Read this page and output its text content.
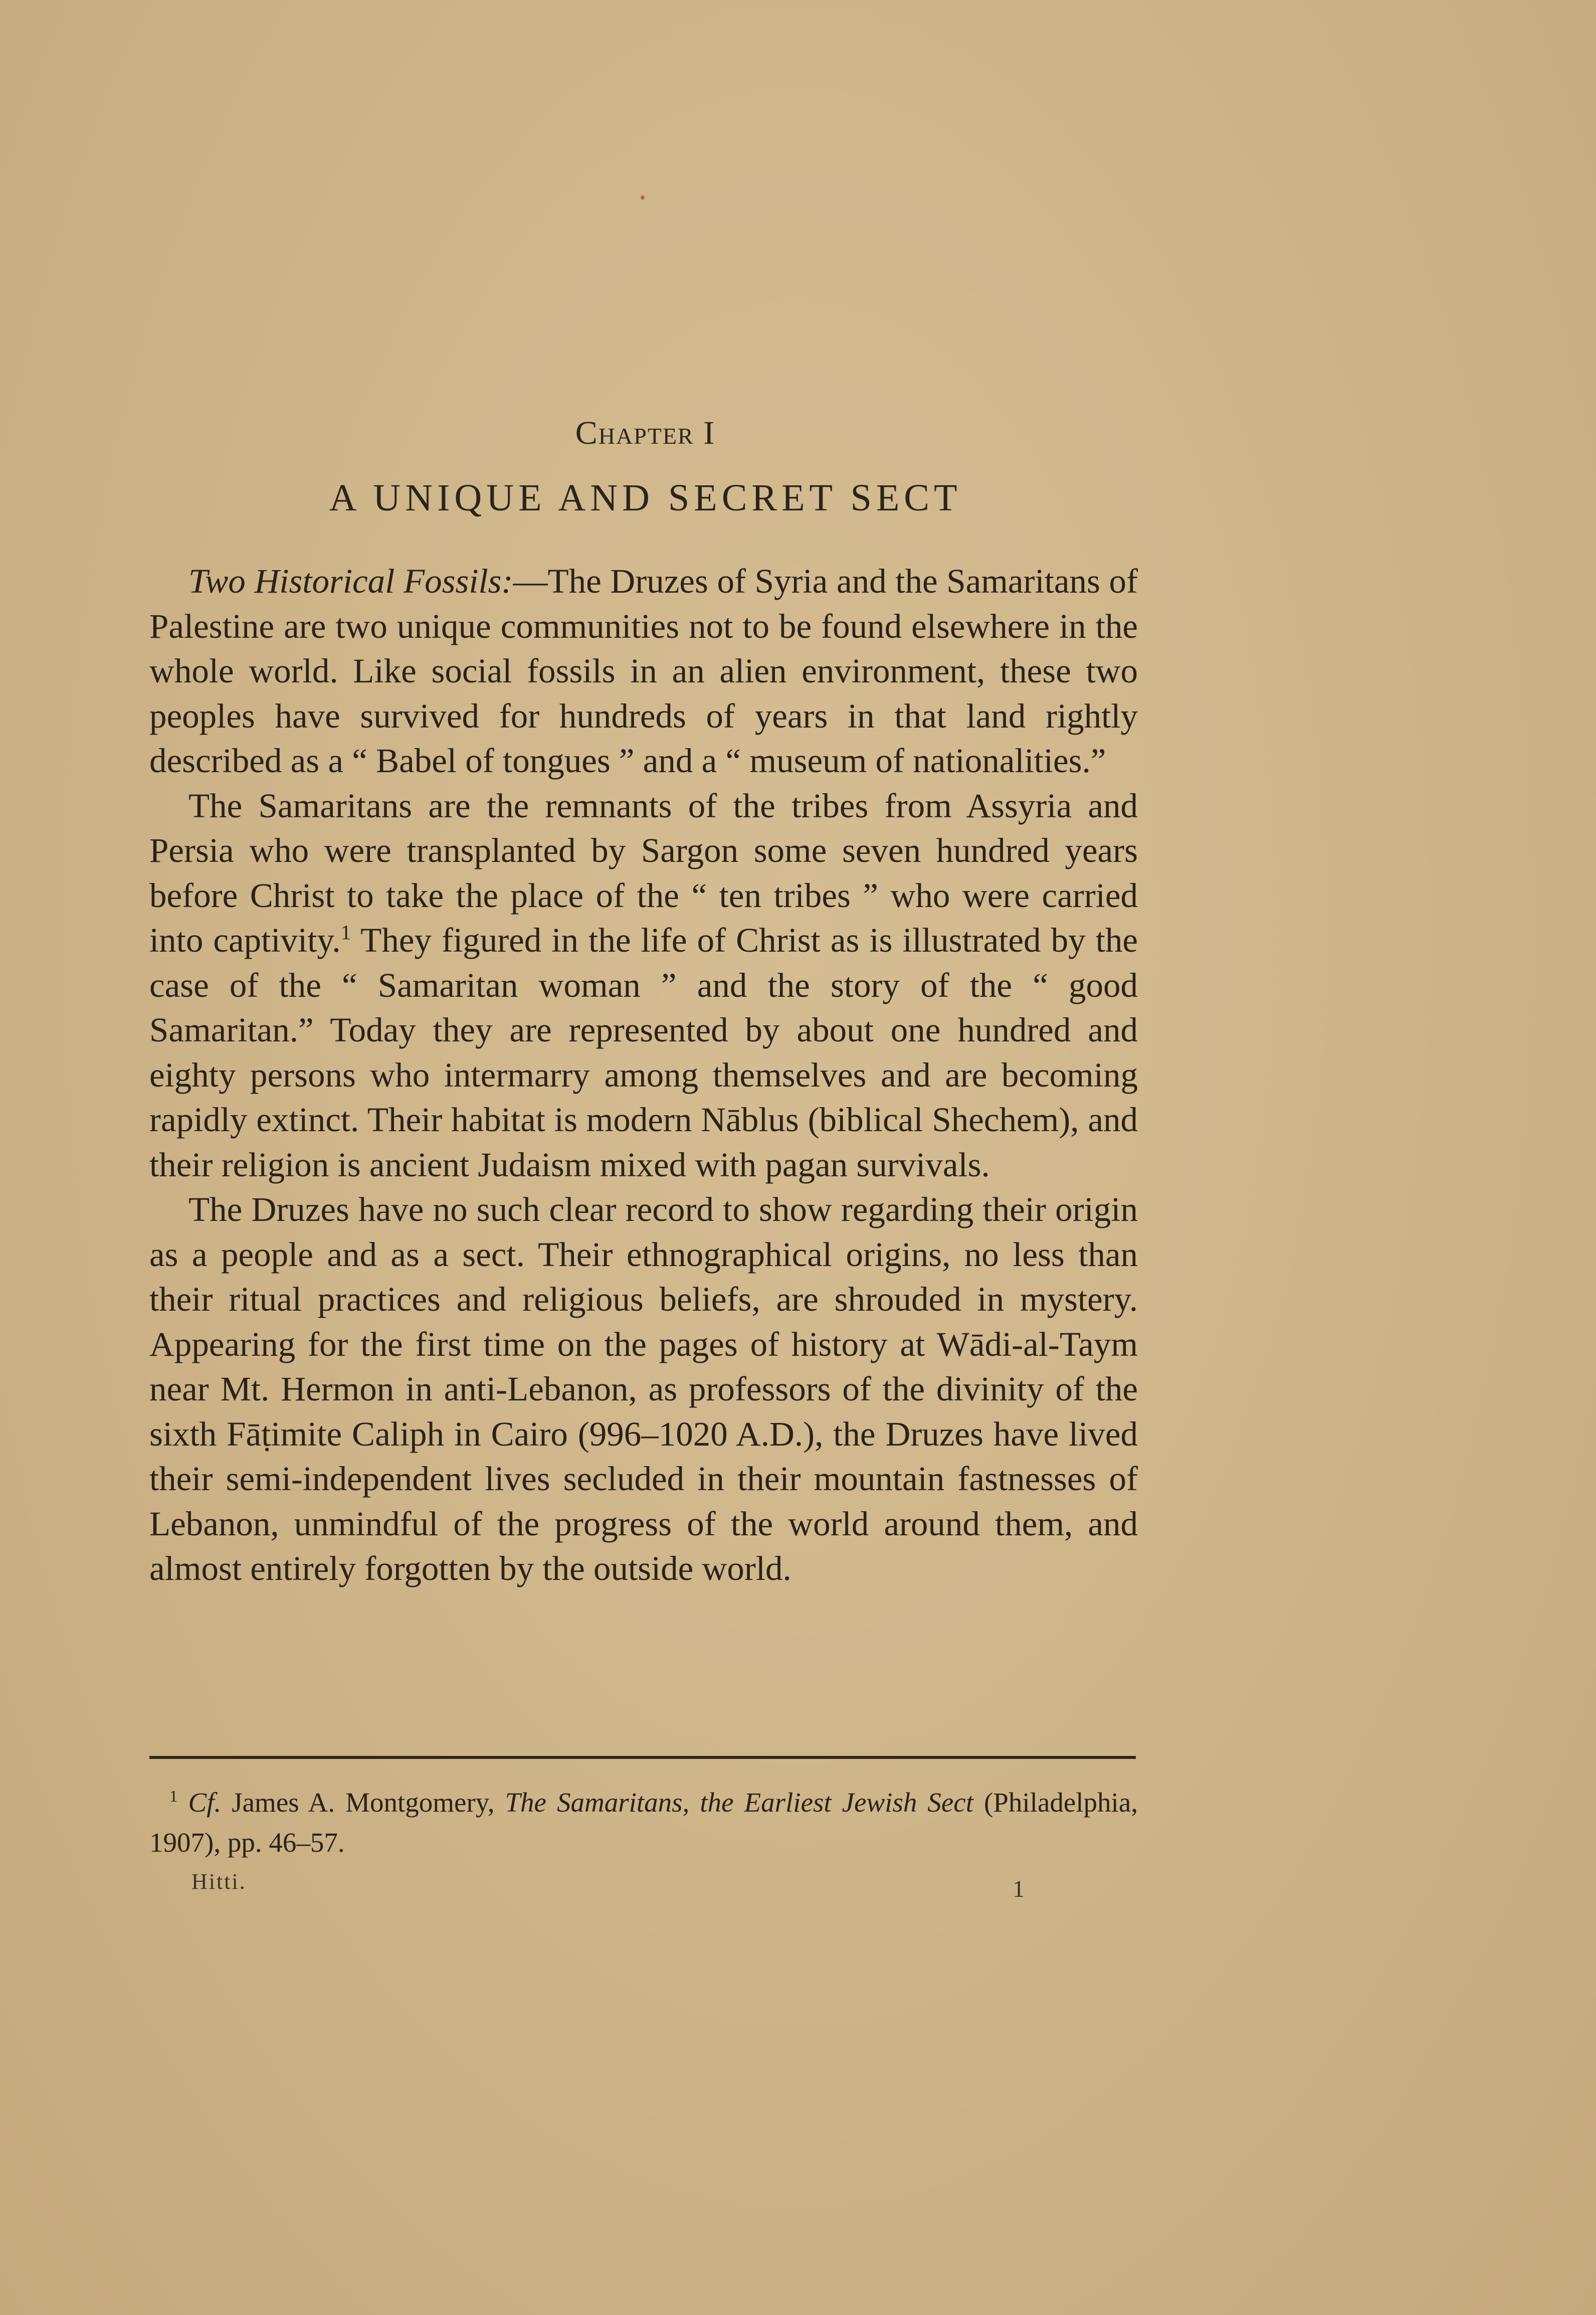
Chapter I
A UNIQUE AND SECRET SECT

Two Historical Fossils:—The Druzes of Syria and the Samaritans of Palestine are two unique communities not to be found elsewhere in the whole world. Like social fossils in an alien environment, these two peoples have survived for hundreds of years in that land rightly described as a “ Babel of tongues ” and a “ museum of nationalities.”

The Samaritans are the remnants of the tribes from Assyria and Persia who were transplanted by Sargon some seven hundred years before Christ to take the place of the “ ten tribes ” who were carried into captivity.$^1$ They figured in the life of Christ as is illustrated by the case of the “ Samaritan woman ” and the story of the “ good Samaritan.” Today they are represented by about one hundred and eighty persons who intermarry among themselves and are becoming rapidly extinct. Their habitat is modern Nāblus (biblical Shechem), and their religion is ancient Judaism mixed with pagan survivals.

The Druzes have no such clear record to show regarding their origin as a people and as a sect. Their ethnographical origins, no less than their ritual practices and religious beliefs, are shrouded in mystery. Appearing for the first time on the pages of history at Wādi-al-Taym near Mt. Hermon in anti-Lebanon, as professors of the divinity of the sixth Fāṭimite Caliph in Cairo (996–1020 A.D.), the Druzes have lived their semi-independent lives secluded in their mountain fastnesses of Lebanon, unmindful of the progress of the world around them, and almost entirely forgotten by the outside world.

$^1$ Cf. James A. Montgomery, The Samaritans, the Earliest Jewish Sect (Philadelphia, 1907), pp. 46–57.

Hitti.	1
